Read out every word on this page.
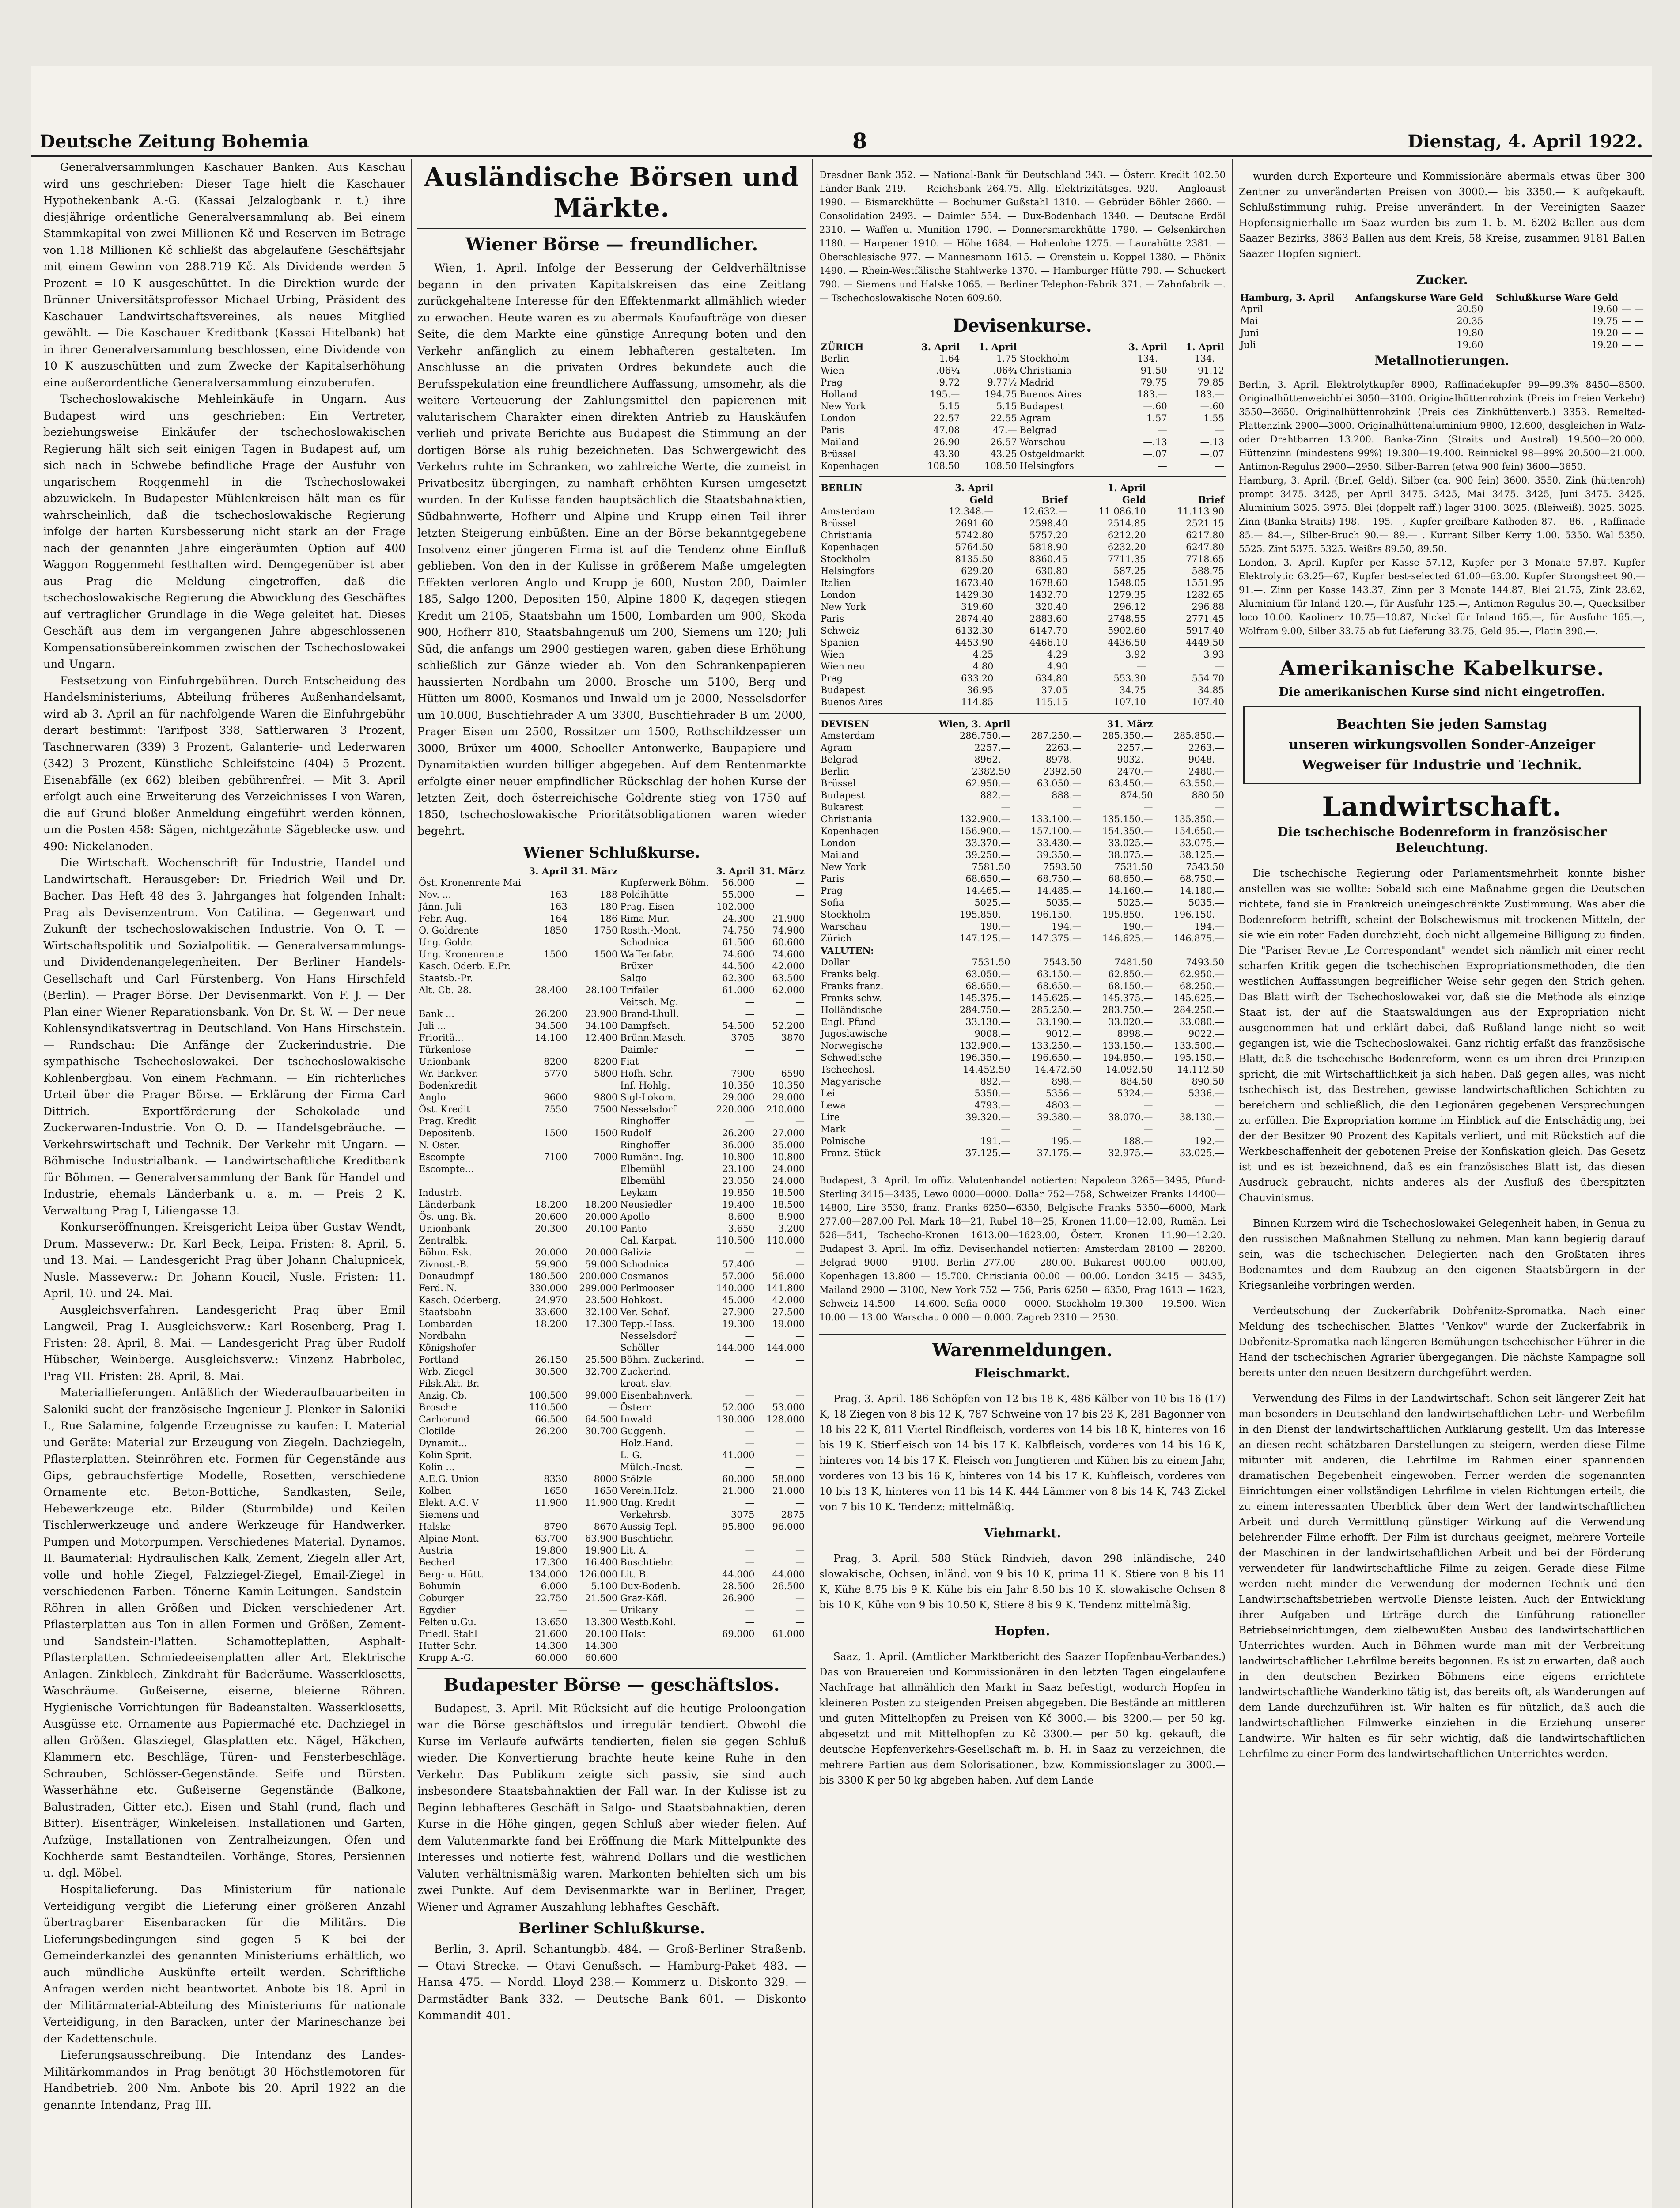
Deutsche Zeitung Bohemia	8	Dienstag, 4. April 1922.

Generalversammlungen Kaschauer Banken. Aus Kaschau wird uns geschrieben: Dieser Tage hielt die Kaschauer Hypothekenbank A.-G. (Kassai Jelzalogbank r. t.) ihre diesjährige ordentliche Generalversammlung ab. Bei einem Stammkapital von zwei Millionen Kč und Reserven im Betrage von 1.18 Millionen Kč schließt das abgelaufene Geschäftsjahr mit einem Gewinn von 288.719 Kč. Als Dividende werden 5 Prozent = 10 K ausgeschüttet. In die Direktion wurde der Brünner Universitätsprofessor Michael Urbing, Präsident des Kaschauer Landwirtschaftsvereines, als neues Mitglied gewählt. — Die Kaschauer Kreditbank (Kassai Hitelbank) hat in ihrer Generalversammlung beschlossen, eine Dividende von 10 K auszuschütten und zum Zwecke der Kapitalserhöhung eine außerordentliche Generalversammlung einzuberufen.

Tschechoslowakische Mehleinkäufe in Ungarn. Aus Budapest wird uns geschrieben: Ein Vertreter, beziehungsweise Einkäufer der tschechoslowakischen Regierung hält sich seit einigen Tagen in Budapest auf, um sich nach in Schwebe befindliche Frage der Ausfuhr von ungarischem Roggenmehl in die Tschechoslowakei abzuwickeln. In Budapester Mühlenkreisen hält man es für wahrscheinlich, daß die tschechoslowakische Regierung infolge der harten Kursbesserung nicht stark an der Frage nach der genannten Jahre eingeräumten Option auf 400 Waggon Roggenmehl festhalten wird. Demgegenüber ist aber aus Prag die Meldung eingetroffen, daß die tschechoslowakische Regierung die Abwicklung des Geschäftes auf vertraglicher Grundlage in die Wege geleitet hat. Dieses Geschäft aus dem im vergangenen Jahre abgeschlossenen Kompensationsübereinkommen zwischen der Tschechoslowakei und Ungarn.

Festsetzung von Einfuhrgebühren. Durch Entscheidung des Handelsministeriums, Abteilung früheres Außenhandelsamt, wird ab 3. April an für nachfolgende Waren die Einfuhrgebühr derart bestimmt: Tarifpost 338, Sattlerwaren 3 Prozent, Taschnerwaren (339) 3 Prozent, Galanterie- und Lederwaren (342) 3 Prozent, Künstliche Schleifsteine (404) 5 Prozent. Eisenabfälle (ex 662) bleiben gebührenfrei. — Mit 3. April erfolgt auch eine Erweiterung des Verzeichnisses I von Waren, die auf Grund bloßer Anmeldung eingeführt werden können, um die Posten 458: Sägen, nichtgezähnte Sägeblecke usw. und 490: Nickelanoden.

Die Wirtschaft. Wochenschrift für Industrie, Handel und Landwirtschaft. Herausgeber: Dr. Friedrich Weil und Dr. Bacher. Das Heft 48 des 3. Jahrganges hat folgenden Inhalt: Prag als Devisenzentrum. Von Catilina. — Gegenwart und Zukunft der tschechoslowakischen Industrie. Von O. T. — Wirtschaftspolitik und Sozialpolitik. — Generalversammlungs- und Dividendenangelegenheiten. Der Berliner Handels-Gesellschaft und Carl Fürstenberg. Von Hans Hirschfeld (Berlin). — Prager Börse. Der Devisenmarkt. Von F. J. — Der Plan einer Wiener Reparationsbank. Von Dr. St. W. — Der neue Kohlensyndikatsvertrag in Deutschland. Von Hans Hirschstein. — Rundschau: Die Anfänge der Zuckerindustrie. Die sympathische Tschechoslowakei. Der tschechoslowakische Kohlenbergbau. Von einem Fachmann. — Ein richterliches Urteil über die Prager Börse. — Erklärung der Firma Carl Dittrich. — Exportförderung der Schokolade- und Zuckerwaren-Industrie. Von O. D. — Handelsgebräuche. — Verkehrswirtschaft und Technik. Der Verkehr mit Ungarn. — Böhmische Industrialbank. — Landwirtschaftliche Kreditbank für Böhmen. — Generalversammlung der Bank für Handel und Industrie, ehemals Länderbank u. a. m. — Preis 2 K. Verwaltung Prag I, Liliengasse 13.

Konkurseröffnungen. Kreisgericht Leipa über Gustav Wendt, Drum. Masseverw.: Dr. Karl Beck, Leipa. Fristen: 8. April, 5. und 13. Mai. — Landesgericht Prag über Johann Chalupnicek, Nusle. Masseverw.: Dr. Johann Koucil, Nusle. Fristen: 11. April, 10. und 24. Mai.

Ausgleichsverfahren. Landesgericht Prag über Emil Langweil, Prag I. Ausgleichsverw.: Karl Rosenberg, Prag I. Fristen: 28. April, 8. Mai. — Landesgericht Prag über Rudolf Hübscher, Weinberge. Ausgleichsverw.: Vinzenz Habrbolec, Prag VII. Fristen: 28. April, 8. Mai.

Materiallieferungen. Anläßlich der Wiederaufbauarbeiten in Saloniki sucht der französische Ingenieur J. Plenker in Saloniki I., Rue Salamine, folgende Erzeugnisse zu kaufen: I. Material und Geräte: Material zur Erzeugung von Ziegeln. Dachziegeln, Pflasterplatten. Steinröhren etc. Formen für Gegenstände aus Gips, gebrauchsfertige Modelle, Rosetten, verschiedene Ornamente etc. Beton-Bottiche, Sandkasten, Seile, Hebewerkzeuge etc. Bilder (Sturmbilde) und Keilen Tischlerwerkzeuge und andere Werkzeuge für Handwerker. Pumpen und Motorpumpen. Verschiedenes Material. Dynamos. II. Baumaterial: Hydraulischen Kalk, Zement, Ziegeln aller Art, volle und hohle Ziegel, Falzziegel-Ziegel, Email-Ziegel in verschiedenen Farben. Tönerne Kamin-Leitungen. Sandstein-Röhren in allen Größen und Dicken verschiedener Art. Pflasterplatten aus Ton in allen Formen und Größen, Zement- und Sandstein-Platten. Schamotteplatten, Asphalt-Pflasterplatten. Schmiedeeisenplatten aller Art. Elektrische Anlagen. Zinkblech, Zinkdraht für Baderäume. Wasserklosetts, Waschräume. Gußeiserne, eiserne, bleierne Röhren. Hygienische Vorrichtungen für Badeanstalten. Wasserklosetts, Ausgüsse etc. Ornamente aus Papiermaché etc. Dachziegel in allen Größen. Glasziegel, Glasplatten etc. Nägel, Häkchen, Klammern etc. Beschläge, Türen- und Fensterbeschläge. Schrauben, Schlösser-Gegenstände. Seife und Bürsten. Wasserhähne etc. Gußeiserne Gegenstände (Balkone, Balustraden, Gitter etc.). Eisen und Stahl (rund, flach und Bitter). Eisenträger, Winkeleisen. Installationen und Garten, Aufzüge, Installationen von Zentralheizungen, Öfen und Kochherde samt Bestandteilen. Vorhänge, Stores, Persiennen u. dgl. Möbel.

Hospitalieferung. Das Ministerium für nationale Verteidigung vergibt die Lieferung einer größeren Anzahl übertragbarer Eisenbaracken für die Militärs. Die Lieferungsbedingungen sind gegen 5 K bei der Gemeinderkanzlei des genannten Ministeriums erhältlich, wo auch mündliche Auskünfte erteilt werden. Schriftliche Anfragen werden nicht beantwortet. Anbote bis 18. April in der Militärmaterial-Abteilung des Ministeriums für nationale Verteidigung, in den Baracken, unter der Marineschanze bei der Kadettenschule.

Lieferungsausschreibung. Die Intendanz des Landes-Militärkommandos in Prag benötigt 30 Höchstlemotoren für Handbetrieb. 200 Nm. Anbote bis 20. April 1922 an die genannte Intendanz, Prag III.

Ausländische Börsen und Märkte.
Wiener Börse — freundlicher.

Wien, 1. April. Infolge der Besserung der Geldverhältnisse begann in den privaten Kapitalskreisen das eine Zeitlang zurückgehaltene Interesse für den Effektenmarkt allmählich wieder zu erwachen. Heute waren es zu abermals Kaufaufträge von dieser Seite, die dem Markte eine günstige Anregung boten und den Verkehr anfänglich zu einem lebhafteren gestalteten. Im Anschlusse an die privaten Ordres bekundete auch die Berufsspekulation eine freundlichere Auffassung, umsomehr, als die weitere Verteuerung der Zahlungsmittel den papierenen mit valutarischem Charakter einen direkten Antrieb zu Hauskäufen verlieh und private Berichte aus Budapest die Stimmung an der dortigen Börse als ruhig bezeichneten. Das Schwergewicht des Verkehrs ruhte im Schranken, wo zahlreiche Werte, die zumeist in Privatbesitz übergingen, zu namhaft erhöhten Kursen umgesetzt wurden. In der Kulisse fanden hauptsächlich die Staatsbahnaktien, Südbahnwerte, Hofherr und Alpine und Krupp einen Teil ihrer letzten Steigerung einbüßten. Eine an der Börse bekanntgegebene Insolvenz einer jüngeren Firma ist auf die Tendenz ohne Einfluß geblieben. Von den in der Kulisse in größerem Maße umgelegten Effekten verloren Anglo und Krupp je 600, Nuston 200, Daimler 185, Salgo 1200, Depositen 150, Alpine 1800 K, dagegen stiegen Kredit um 2105, Staatsbahn um 1500, Lombarden um 900, Skoda 900, Hofherr 810, Staatsbahngenuß um 200, Siemens um 120; Juli Süd, die anfangs um 2900 gestiegen waren, gaben diese Erhöhung schließlich zur Gänze wieder ab. Von den Schrankenpapieren haussierten Nordbahn um 2000. Brosche um 5100, Berg und Hütten um 8000, Kosmanos und Inwald um je 2000, Nesselsdorfer um 10.000, Buschtiehrader A um 3300, Buschtiehrader B um 2000, Prager Eisen um 2500, Rossitzer um 1500, Rothschildzesser um 3000, Brüxer um 4000, Schoeller Antonwerke, Baupapiere und Dynamitaktien wurden billiger abgegeben. Auf dem Rentenmarkte erfolgte einer neuer empfindlicher Rückschlag der hohen Kurse der letzten Zeit, doch österreichische Goldrente stieg von 1750 auf 1850, tschechoslowakische Prioritätsobligationen waren wieder begehrt.

Wiener Schlußkurse.
	3. April	31. März		3. April	31. März
Öst. Kronenrente Mai			Kupferwerk Böhm.	56.000	—
Nov. ...	163	188	Poldihütte	55.000	—
Jänn. Juli	163	180	Prag. Eisen	102.000	—
Febr. Aug.	164	186	Rima-Mur.	24.300	21.900
O. Goldrente	1850	1750	Rosth.-Mont.	74.750	74.900
Ung. Goldr.			Schodnica	61.500	60.600
Ung. Kronenrente	1500	1500	Waffenfabr.	74.600	74.600
Kasch. Oderb. E.Pr.			Brüxer	44.500	42.000
Staatsb.-Pr.			Salgo	62.300	63.500
Alt. Cb. 28.	28.400	28.100	Trifailer	61.000	62.000
			Veitsch. Mg.	—	—
Bank ...	26.200	23.900	Brand-Lhull.	—	—
Juli ...	34.500	34.100	Dampfsch.	54.500	52.200
Frioritä...	14.100	12.400	Brünn.Masch.	3705	3870
Türkenlose			Daimler	—	—
Unionbank	8200	8200	Fiat	—	—
Wr. Bankver.	5770	5800	Hofh.-Schr.	7900	6590
Bodenkredit			Inf. Hohlg.	10.350	10.350
Anglo	9600	9800	Sigl-Lokom.	29.000	29.000
Öst. Kredit	7550	7500	Nesselsdorf	220.000	210.000
Prag. Kredit			Ringhoffer	—	—
Depositenb.	1500	1500	Rudolf	26.200	27.000
N. Oster.			Ringhoffer	36.000	35.000
Escompte	7100	7000	Rumänn. Ing.	10.800	10.800
Escompte...			Elbemühl	23.100	24.000
			Elbemühl	23.050	24.000
Industrb.			Leykam	19.850	18.500
Länderbank	18.200	18.200	Neusiedler	19.400	18.500
Ös.-ung. Bk.	20.600	20.000	Apollo	8.600	8.900
Unionbank	20.300	20.100	Panto	3.650	3.200
Zentralbk.			Cal. Karpat.	110.500	110.000
Böhm. Esk.	20.000	20.000	Galizia	—	—
Zivnost.-B.	59.900	59.000	Schodnica	57.400	—
Donaudmpf	180.500	200.000	Cosmanos	57.000	56.000
Ferd. N.	330.000	299.000	Perlmooser	140.000	141.800
Kasch. Oderberg.	24.970	23.500	Hohkost.	45.000	42.000
Staatsbahn	33.600	32.100	Ver. Schaf.	27.900	27.500
Lombarden	18.200	17.300	Tepp.-Hass.	19.300	19.000
Nordbahn			Nesselsdorf	—	—
Königshofer			Schöller	144.000	144.000
Portland	26.150	25.500	Böhm. Zuckerind.	—	—
Wrb. Ziegel	30.500	32.700	Zuckerind.	—	—
Pilsk.Akt.-Br.			kroat.-slav.	—	—
Anzig. Cb.	100.500	99.000	Eisenbahnverk.	—	—
Brosche	110.500	—	Österr.	52.000	53.000
Carborund	66.500	64.500	Inwald	130.000	128.000
Clotilde	26.200	30.700	Guggenh.	—	—
Dynamit...			Holz.Hand.	—	—
Kolin Sprit.			L. G.	41.000	—
Kolin ...			Mülch.-Indst.	—	—
A.E.G. Union	8330	8000	Stölzle	60.000	58.000
Kolben	1650	1650	Verein.Holz.	21.000	21.000
Elekt. A.G. V	11.900	11.900	Ung. Kredit	—	—
Siemens und			Verkehrsb.	3075	2875
Halske	8790	8670	Aussig Tepl.	95.800	96.000
Alpine Mont.	63.700	63.900	Buschtiehr.	—	—
Austria	19.800	19.900	Lit. A.	—	—
Becherl	17.300	16.400	Buschtiehr.	—	—
Berg- u. Hütt.	134.000	126.000	Lit. B.	44.000	44.000
Bohumin	6.000	5.100	Dux-Bodenb.	28.500	26.500
Coburger	22.750	21.500	Graz-Köfl.	26.900	—
Egydier	—	—	Urikany	—	—
Felten u.Gu.	13.650	13.300	Westb.Kohl.	—	—
Friedl. Stahl	21.600	20.100	Holst	69.000	61.000
Hutter Schr.	14.300	14.300			
Krupp A.-G.	60.000	60.600			
Budapester Börse — geschäftslos.

Budapest, 3. April. Mit Rücksicht auf die heutige Proloongation war die Börse geschäftslos und irregulär tendiert. Obwohl die Kurse im Verlaufe aufwärts tendierten, fielen sie gegen Schluß wieder. Die Konvertierung brachte heute keine Ruhe in den Verkehr. Das Publikum zeigte sich passiv, sie sind auch insbesondere Staatsbahnaktien der Fall war. In der Kulisse ist zu Beginn lebhafteres Geschäft in Salgo- und Staatsbahnaktien, deren Kurse in die Höhe gingen, gegen Schluß aber wieder fielen. Auf dem Valutenmarkte fand bei Eröffnung die Mark Mittelpunkte des Interesses und notierte fest, während Dollars und die westlichen Valuten verhältnismäßig waren. Markonten behielten sich um bis zwei Punkte. Auf dem Devisenmarkte war in Berliner, Prager, Wiener und Agramer Auszahlung lebhaftes Geschäft.

Berliner Schlußkurse.

Berlin, 3. April. Schantungbb. 484. — Groß-Berliner Straßenb. — Otavi Strecke. — Otavi Genußsch. — Hamburg-Paket 483. — Hansa 475. — Nordd. Lloyd 238.— Kommerz u. Diskonto 329. — Darmstädter Bank 332. — Deutsche Bank 601. — Diskonto Kommandit 401.

Dresdner Bank 352. — National-Bank für Deutschland 343. — Österr. Kredit 102.50 Länder-Bank 219. — Reichsbank 264.75. Allg. Elektrizitätsges. 920. — Angloaust 1990. — Bismarckhütte — Bochumer Gußstahl 1310. — Gebrüder Böhler 2660. — Consolidation 2493. — Daimler 554. — Dux-Bodenbach 1340. — Deutsche Erdöl 2310. — Waffen u. Munition 1790. — Donnersmarckhütte 1790. — Gelsenkirchen 1180. — Harpener 1910. — Höhe 1684. — Hohenlohe 1275. — Laurahütte 2381. — Oberschlesische 977. — Mannesmann 1615. — Orenstein u. Koppel 1380. — Phönix 1490. — Rhein-Westfälische Stahlwerke 1370. — Hamburger Hütte 790. — Schuckert 790. — Siemens und Halske 1065. — Berliner Telephon-Fabrik 371. — Zahnfabrik —. — Tschechoslowakische Noten 609.60.

Devisenkurse.
ZÜRICH	3. April	1. April		3. April	1. April
Berlin	1.64	1.75	Stockholm	134.—	134.—
Wien	—.06¼	—.06¾	Christiania	91.50	91.12
Prag	9.72	9.77½	Madrid	79.75	79.85
Holland	195.—	194.75	Buenos Aires	183.—	183.—
New York	5.15	5.15	Budapest	—.60	—.60
London	22.57	22.55	Agram	1.57	1.55
Paris	47.08	47.—	Belgrad	—	—
Mailand	26.90	26.57	Warschau	—.13	—.13
Brüssel	43.30	43.25	Ostgeldmarkt	—.07	—.07
Kopenhagen	108.50	108.50	Helsingfors	—	—
BERLIN	3. April		1. April	
	Geld	Brief	Geld	Brief
Amsterdam	12.348.—	12.632.—	11.086.10	11.113.90
Brüssel	2691.60	2598.40	2514.85	2521.15
Christiania	5742.80	5757.20	6212.20	6217.80
Kopenhagen	5764.50	5818.90	6232.20	6247.80
Stockholm	8135.50	8360.45	7711.35	7718.65
Helsingfors	629.20	630.80	587.25	588.75
Italien	1673.40	1678.60	1548.05	1551.95
London	1429.30	1432.70	1279.35	1282.65
New York	319.60	320.40	296.12	296.88
Paris	2874.40	2883.60	2748.55	2771.45
Schweiz	6132.30	6147.70	5902.60	5917.40
Spanien	4453.90	4466.10	4436.50	4449.50
Wien	4.25	4.29	3.92	3.93
Wien neu	4.80	4.90	—	—
Prag	633.20	634.80	553.30	554.70
Budapest	36.95	37.05	34.75	34.85
Buenos Aires	114.85	115.15	107.10	107.40
DEVISEN	Wien, 3. April		31. März	
Amsterdam	286.750.—	287.250.—	285.350.—	285.850.—
Agram	2257.—	2263.—	2257.—	2263.—
Belgrad	8962.—	8978.—	9032.—	9048.—
Berlin	2382.50	2392.50	2470.—	2480.—
Brüssel	62.950.—	63.050.—	63.450.—	63.550.—
Budapest	882.—	888.—	874.50	880.50
Bukarest	—	—	—	—
Christiania	132.900.—	133.100.—	135.150.—	135.350.—
Kopenhagen	156.900.—	157.100.—	154.350.—	154.650.—
London	33.370.—	33.430.—	33.025.—	33.075.—
Mailand	39.250.—	39.350.—	38.075.—	38.125.—
New York	7581.50	7593.50	7531.50	7543.50
Paris	68.650.—	68.750.—	68.650.—	68.750.—
Prag	14.465.—	14.485.—	14.160.—	14.180.—
Sofia	5025.—	5035.—	5025.—	5035.—
Stockholm	195.850.—	196.150.—	195.850.—	196.150.—
Warschau	190.—	194.—	190.—	194.—
Zürich	147.125.—	147.375.—	146.625.—	146.875.—
VALUTEN:				
Dollar	7531.50	7543.50	7481.50	7493.50
Franks belg.	63.050.—	63.150.—	62.850.—	62.950.—
Franks franz.	68.650.—	68.650.—	68.150.—	68.250.—
Franks schw.	145.375.—	145.625.—	145.375.—	145.625.—
Holländische	284.750.—	285.250.—	283.750.—	284.250.—
Engl. Pfund	33.130.—	33.190.—	33.020.—	33.080.—
Jugoslawische	9008.—	9012.—	8998.—	9022.—
Norwegische	132.900.—	133.250.—	133.150.—	133.500.—
Schwedische	196.350.—	196.650.—	194.850.—	195.150.—
Tschechosl.	14.452.50	14.472.50	14.092.50	14.112.50
Magyarische	892.—	898.—	884.50	890.50
Lei	5350.—	5356.—	5324.—	5336.—
Lewa	4793.—	4803.—	—	—
Lire	39.320.—	39.380.—	38.070.—	38.130.—
Mark	—	—	—	—
Polnische	191.—	195.—	188.—	192.—
Franz. Stück	37.125.—	37.175.—	32.975.—	33.025.—

Budapest, 3. April. Im offiz. Valutenhandel notierten: Napoleon 3265—3495, Pfund-Sterling 3415—3435, Lewo 0000—0000. Dollar 752—758, Schweizer Franks 14400—14800, Lire 3530, franz. Franks 6250—6350, Belgische Franks 5350—6000, Mark 277.00—287.00 Pol. Mark 18—21, Rubel 18—25, Kronen 11.00—12.00, Rumän. Lei 526—541, Tschecho-Kronen 1613.00—1623.00, Österr. Kronen 11.90—12.20. Budapest 3. April. Im offiz. Devisenhandel notierten: Amsterdam 28100 — 28200. Belgrad 9000 — 9100. Berlin 277.00 — 280.00. Bukarest 000.00 — 000.00, Kopenhagen 13.800 — 15.700. Christiania 00.00 — 00.00. London 3415 — 3435, Mailand 2900 — 3100, New York 752 — 756, Paris 6250 — 6350, Prag 1613 — 1623, Schweiz 14.500 — 14.600. Sofia 0000 — 0000. Stockholm 19.300 — 19.500. Wien 10.00 — 13.00. Warschau 0.000 — 0.000. Zagreb 2310 — 2530.

Warenmeldungen.
Fleischmarkt.

Prag, 3. April. 186 Schöpfen von 12 bis 18 K, 486 Kälber von 10 bis 16 (17) K, 18 Ziegen von 8 bis 12 K, 787 Schweine von 17 bis 23 K, 281 Bagonner von 18 bis 22 K, 811 Viertel Rindfleisch, vorderes von 14 bis 18 K, hinteres von 16 bis 19 K. Stierfleisch von 14 bis 17 K. Kalbfleisch, vorderes von 14 bis 16 K, hinteres von 14 bis 17 K. Fleisch von Jungtieren und Kühen bis zu einem Jahr, vorderes von 13 bis 16 K, hinteres von 14 bis 17 K. Kuhfleisch, vorderes von 10 bis 13 K, hinteres von 11 bis 14 K. 444 Lämmer von 8 bis 14 K, 743 Zickel von 7 bis 10 K. Tendenz: mittelmäßig.

Viehmarkt.

Prag, 3. April. 588 Stück Rindvieh, davon 298 inländische, 240 slowakische, Ochsen, inländ. von 9 bis 10 K, prima 11 K. Stiere von 8 bis 11 K, Kühe 8.75 bis 9 K. Kühe bis ein Jahr 8.50 bis 10 K. slowakische Ochsen 8 bis 10 K, Kühe von 9 bis 10.50 K, Stiere 8 bis 9 K. Tendenz mittelmäßig.

Hopfen.

Saaz, 1. April. (Amtlicher Marktbericht des Saazer Hopfenbau-Verbandes.) Das von Brauereien und Kommissionären in den letzten Tagen eingelaufene Nachfrage hat allmählich den Markt in Saaz befestigt, wodurch Hopfen in kleineren Posten zu steigenden Preisen abgegeben. Die Bestände an mittleren und guten Mittelhopfen zu Preisen von Kč 3000.— bis 3200.— per 50 kg. abgesetzt und mit Mittelhopfen zu Kč 3300.— per 50 kg. gekauft, die deutsche Hopfenverkehrs-Gesellschaft m. b. H. in Saaz zu verzeichnen, die mehrere Partien aus dem Solorisationen, bzw. Kommissionslager zu 3000.— bis 3300 K per 50 kg abgeben haben. Auf dem Lande

wurden durch Exporteure und Kommissionäre abermals etwas über 300 Zentner zu unveränderten Preisen von 3000.— bis 3350.— K aufgekauft. Schlußstimmung ruhig. Preise unverändert. In der Vereinigten Saazer Hopfensignierhalle im Saaz wurden bis zum 1. b. M. 6202 Ballen aus dem Saazer Bezirks, 3863 Ballen aus dem Kreis, 58 Kreise, zusammen 9181 Ballen Saazer Hopfen signiert.

Zucker.
Hamburg, 3. April	Anfangskurse Ware Geld	Schlußkurse Ware Geld		
April	20.50	19.60	—	—
Mai	20.35	19.75	—	—
Juni	19.80	19.20	—	—
Juli	19.60	19.20	—	—
Metallnotierungen.

Berlin, 3. April. Elektrolytkupfer 8900, Raffinadekupfer 99—99.3% 8450—8500. Originalhüttenweichblei 3050—3100. Originalhüttenrohzink (Preis im freien Verkehr) 3550—3650. Originalhüttenrohzink (Preis des Zinkhüttenverb.) 3353. Remelted-Plattenzink 2900—3000. Originalhüttenaluminium 9800, 12.600, desgleichen in Walz- oder Drahtbarren 13.200. Banka-Zinn (Straits und Austral) 19.500—20.000. Hüttenzinn (mindestens 99%) 19.300—19.400. Reinnickel 98—99% 20.500—21.000. Antimon-Regulus 2900—2950. Silber-Barren (etwa 900 fein) 3600—3650.
Hamburg, 3. April. (Brief, Geld). Silber (ca. 900 fein) 3600. 3550. Zink (hüttenroh) prompt 3475. 3425, per April 3475. 3425, Mai 3475. 3425, Juni 3475. 3425. Aluminium 3025. 3975. Blei (doppelt raff.) lager 3100. 3025. (Bleiweiß). 3025. 3025. Zinn (Banka-Straits) 198.— 195.—, Kupfer greifbare Kathoden 87.— 86.—, Raffinade 85.— 84.—, Silber-Bruch 90.— 89.— . Kurrant Silber Kerry 1.00. 5350. Wal 5350. 5525. Zint 5375. 5325. Weißrs 89.50, 89.50.
London, 3. April. Kupfer per Kasse 57.12, Kupfer per 3 Monate 57.87. Kupfer Elektrolytic 63.25—67, Kupfer best-selected 61.00—63.00. Kupfer Strongsheet 90.— 91.—. Zinn per Kasse 143.37, Zinn per 3 Monate 144.87, Blei 21.75, Zink 23.62, Aluminium für Inland 120.—, für Ausfuhr 125.—, Antimon Regulus 30.—, Quecksilber loco 10.00. Kaolinerz 10.75—10.87, Nickel für Inland 165.—, für Ausfuhr 165.—, Wolfram 9.00, Silber 33.75 ab fut Lieferung 33.75, Geld 95.—, Platin 390.—.

Amerikanische Kabelkurse.
Die amerikanischen Kurse sind nicht eingetroffen.
Beachten Sie jeden Samstag
unseren wirkungsvollen Sonder-Anzeiger
Wegweiser für Industrie und Technik.
Landwirtschaft.
Die tschechische Bodenreform in französischer Beleuchtung.

Die tschechische Regierung oder Parlamentsmehrheit konnte bisher anstellen was sie wollte: Sobald sich eine Maßnahme gegen die Deutschen richtete, fand sie in Frankreich uneingeschränkte Zustimmung. Was aber die Bodenreform betrifft, scheint der Bolschewismus mit trockenen Mitteln, der sie wie ein roter Faden durchzieht, doch nicht allgemeine Billigung zu finden. Die "Pariser Revue ,Le Correspondant" wendet sich nämlich mit einer recht scharfen Kritik gegen die tschechischen Expropriationsmethoden, die den westlichen Auffassungen begreiflicher Weise sehr gegen den Strich gehen. Das Blatt wirft der Tschechoslowakei vor, daß sie die Methode als einzige Staat ist, der auf die Staatswaldungen aus der Expropriation nicht ausgenommen hat und erklärt dabei, daß Rußland lange nicht so weit gegangen ist, wie die Tschechoslowakei. Ganz richtig erfaßt das französische Blatt, daß die tschechische Bodenreform, wenn es um ihren drei Prinzipien spricht, die mit Wirtschaftlichkeit ja sich haben. Daß gegen alles, was nicht tschechisch ist, das Bestreben, gewisse landwirtschaftlichen Schichten zu bereichern und schließlich, die den Legionären gegebenen Versprechungen zu erfüllen. Die Expropriation komme im Hinblick auf die Entschädigung, bei der der Besitzer 90 Prozent des Kapitals verliert, und mit Rückstich auf die Werkbeschaffenheit der gebotenen Preise der Konfiskation gleich. Das Gesetz ist und es ist bezeichnend, daß es ein französisches Blatt ist, das diesen Ausdruck gebraucht, nichts anderes als der Ausfluß des überspitzten Chauvinismus.

Binnen Kurzem wird die Tschechoslowakei Gelegenheit haben, in Genua zu den russischen Maßnahmen Stellung zu nehmen. Man kann begierig darauf sein, was die tschechischen Delegierten nach den Großtaten ihres Bodenamtes und dem Raubzug an den eigenen Staatsbürgern in der Kriegsanleihe vorbringen werden.

Verdeutschung der Zuckerfabrik Dobřenitz-Spromatka. Nach einer Meldung des tschechischen Blattes "Venkov" wurde der Zuckerfabrik in Dobřenitz-Spromatka nach längeren Bemühungen tschechischer Führer in die Hand der tschechischen Agrarier übergegangen. Die nächste Kampagne soll bereits unter den neuen Besitzern durchgeführt werden.

Verwendung des Films in der Landwirtschaft. Schon seit längerer Zeit hat man besonders in Deutschland den landwirtschaftlichen Lehr- und Werbefilm in den Dienst der landwirtschaftlichen Aufklärung gestellt. Um das Interesse an diesen recht schätzbaren Darstellungen zu steigern, werden diese Filme mitunter mit anderen, die Lehrfilme im Rahmen einer spannenden dramatischen Begebenheit eingewoben. Ferner werden die sogenannten Einrichtungen einer vollständigen Lehrfilme in vielen Richtungen erteilt, die zu einem interessanten Überblick über dem Wert der landwirtschaftlichen Arbeit und durch Vermittlung günstiger Wirkung auf die Verwendung belehrender Filme erhofft. Der Film ist durchaus geeignet, mehrere Vorteile der Maschinen in der landwirtschaftlichen Arbeit und bei der Förderung verwendeter für landwirtschaftliche Filme zu zeigen. Gerade diese Filme werden nicht minder die Verwendung der modernen Technik und den Landwirtschaftsbetrieben wertvolle Dienste leisten. Auch der Entwicklung ihrer Aufgaben und Erträge durch die Einführung rationeller Betriebseinrichtungen, dem zielbewußten Ausbau des landwirtschaftlichen Unterrichtes wurden. Auch in Böhmen wurde man mit der Verbreitung landwirtschaftlicher Lehrfilme bereits begonnen. Es ist zu erwarten, daß auch in den deutschen Bezirken Böhmens eine eigens errichtete landwirtschaftliche Wanderkino tätig ist, das bereits oft, als Wanderungen auf dem Lande durchzuführen ist. Wir halten es für nützlich, daß auch die landwirtschaftlichen Filmwerke einziehen in die Erziehung unserer Landwirte. Wir halten es für sehr wichtig, daß die landwirtschaftlichen Lehrfilme zu einer Form des landwirtschaftlichen Unterrichtes werden.
